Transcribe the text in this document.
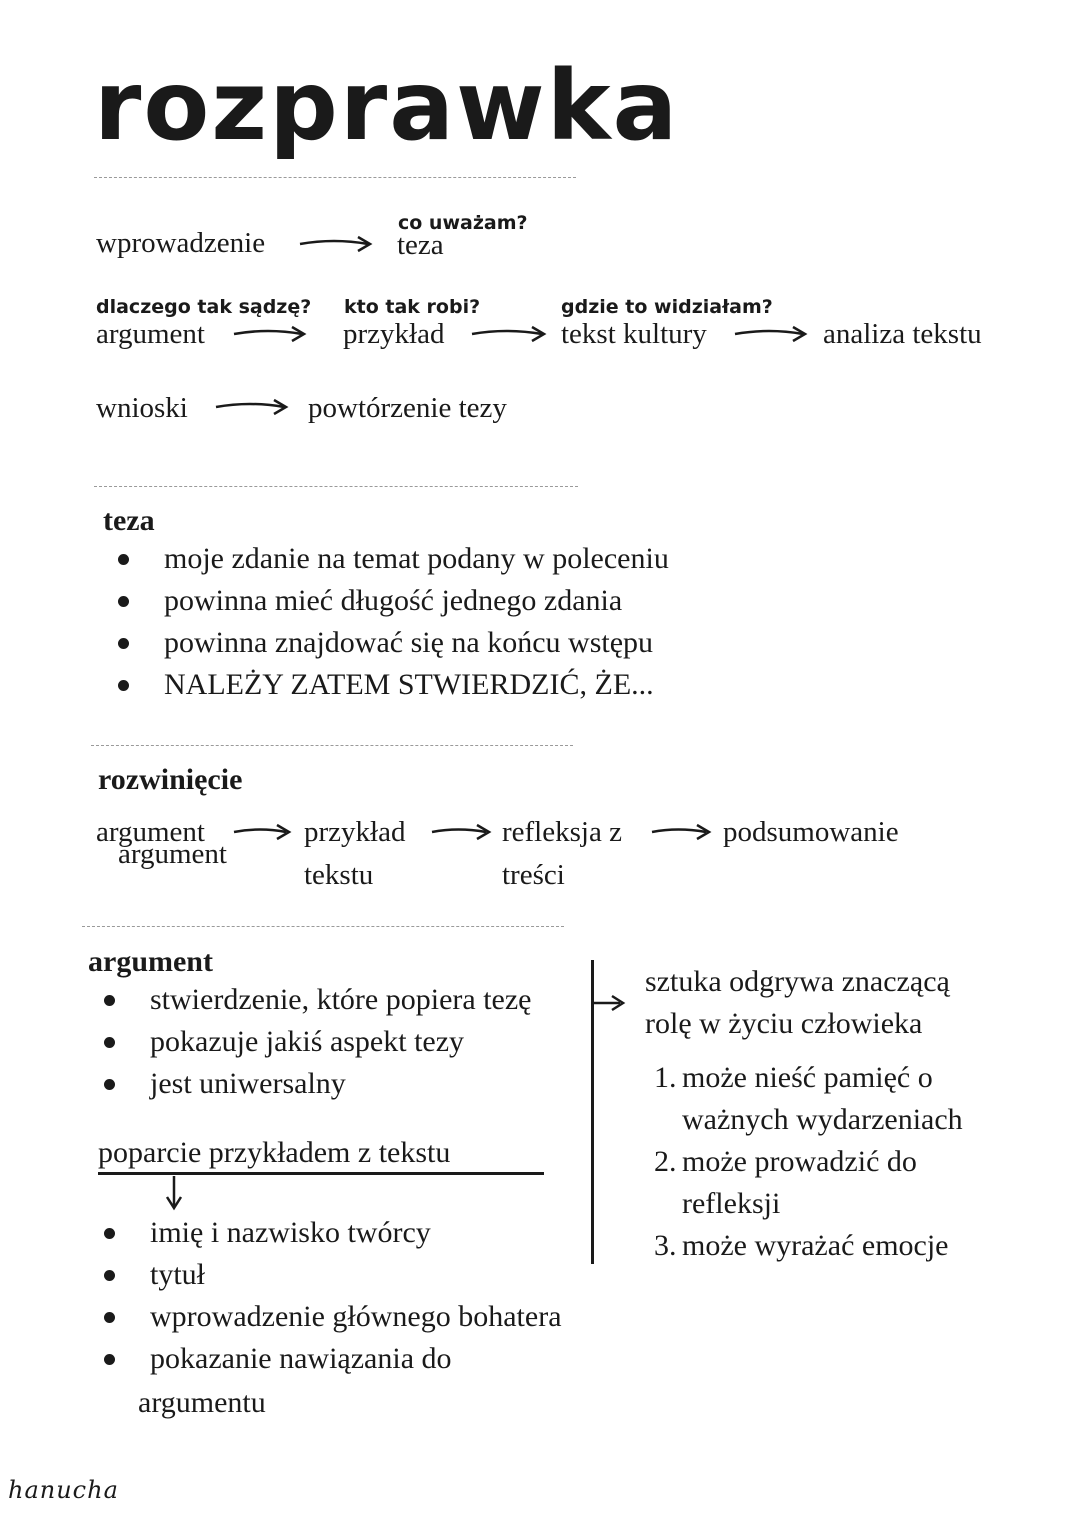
rozprawka
wprowadzenie
co uważam?
teza
dlaczego tak sądzę?
argument
kto tak robi?
przykład
gdzie to widziałam?
tekst kultury	analiza tekstu
wnioski	powtórzenie tezy
teza
moje zdanie na temat podany w poleceniu
powinna mieć długość jednego zdania
powinna znajdować się na końcu wstępu
NALEŻY ZATEM STWIERDZIĆ, ŻE...
rozwinięcie
argument
argument
przykład
tekstu
refleksja z
treści
podsumowanie
argument
stwierdzenie, które popiera tezę
pokazuje jakiś aspekt tezy
jest uniwersalny
poparcie przykładem z tekstu
imię i nazwisko twórcy
tytuł
wprowadzenie głównego bohatera
pokazanie nawiązania do
argumentu
sztuka odgrywa znaczącą
rolę w życiu człowieka
1. może nieść pamięć o
ważnych wydarzeniach
2. może prowadzić do
refleksji
3. może wyrażać emocje
hanucha
